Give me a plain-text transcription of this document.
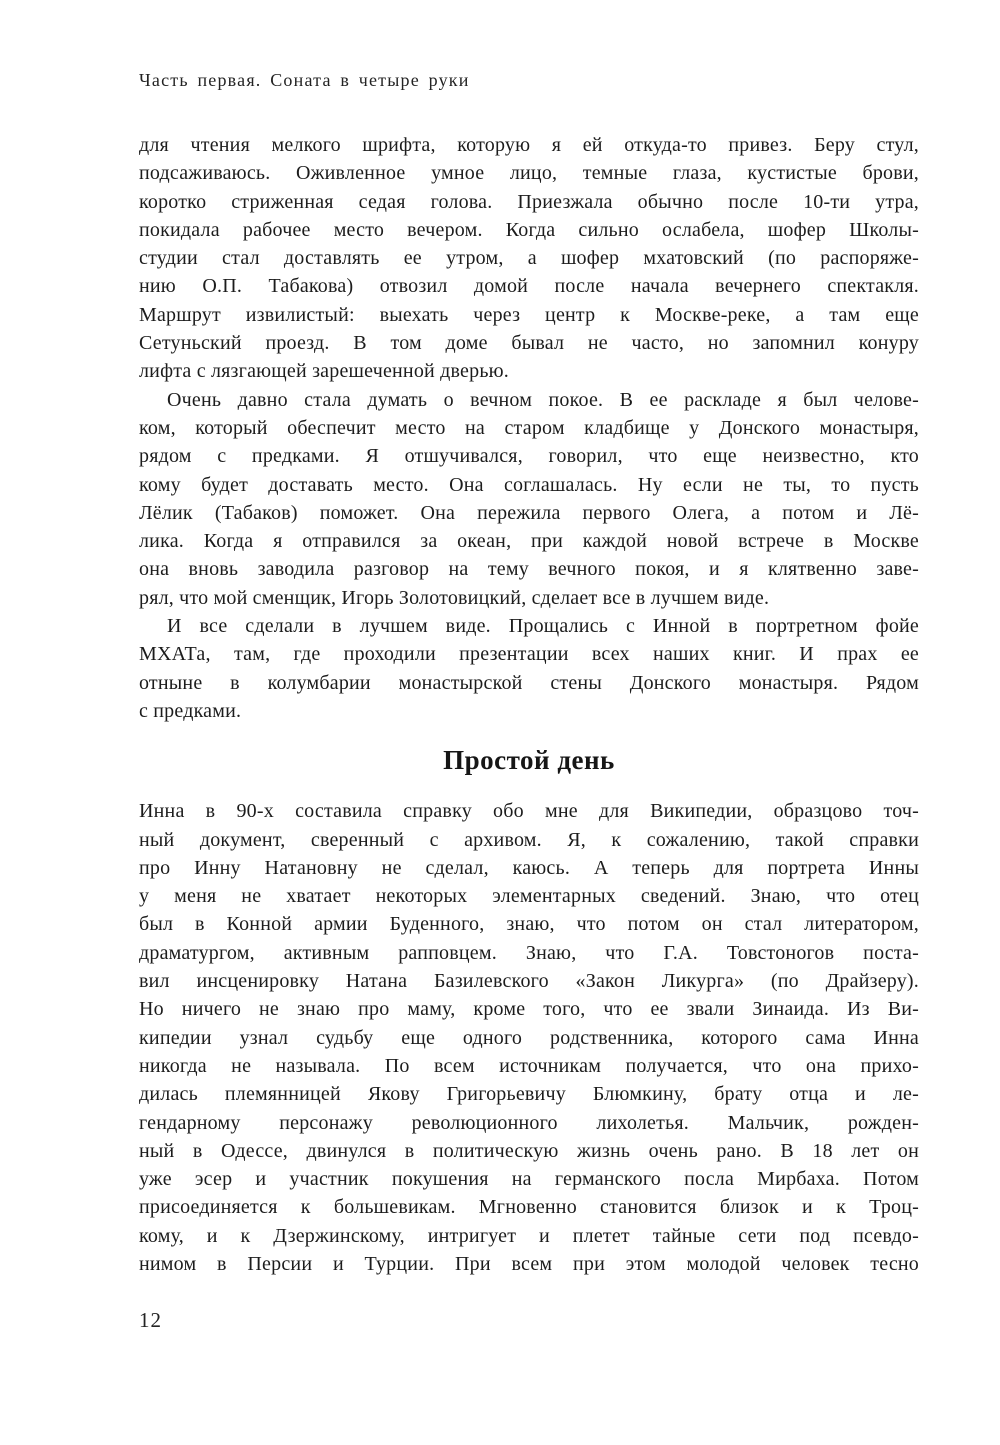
Часть первая. Соната в четыре руки
для чтения мелкого шрифта, которую я ей откуда-то привез. Беру стул,
подсаживаюсь. Оживленное умное лицо, темные глаза, кустистые брови,
коротко стриженная седая голова. Приезжала обычно после 10-ти утра,
покидала рабочее место вечером. Когда сильно ослабела, шофер Школы-
студии стал доставлять ее утром, а шофер мхатовский (по распоряже-
нию О.П. Табакова) отвозил домой после начала вечернего спектакля.
Маршрут извилистый: выехать через центр к Москве-реке, а там еще
Сетуньский проезд. В том доме бывал не часто, но запомнил конуру
лифта с лязгающей зарешеченной дверью.
Очень давно стала думать о вечном покое. В ее раскладе я был челове-
ком, который обеспечит место на старом кладбище у Донского монастыря,
рядом с предками. Я отшучивался, говорил, что еще неизвестно, кто
кому будет доставать место. Она соглашалась. Ну если не ты, то пусть
Лёлик (Табаков) поможет. Она пережила первого Олега, а потом и Лё-
лика. Когда я отправился за океан, при каждой новой встрече в Москве
она вновь заводила разговор на тему вечного покоя, и я клятвенно заве-
рял, что мой сменщик, Игорь Золотовицкий, сделает все в лучшем виде.
И все сделали в лучшем виде. Прощались с Инной в портретном фойе
МХАТа, там, где проходили презентации всех наших книг. И прах ее
отныне в колумбарии монастырской стены Донского монастыря. Рядом
с предками.
Простой день
Инна в 90-х составила справку обо мне для Википедии, образцово точ-
ный документ, сверенный с архивом. Я, к сожалению, такой справки
про Инну Натановну не сделал, каюсь. А теперь для портрета Инны
у меня не хватает некоторых элементарных сведений. Знаю, что отец
был в Конной армии Буденного, знаю, что потом он стал литератором,
драматургом, активным рапповцем. Знаю, что Г.А. Товстоногов поста-
вил инсценировку Натана Базилевского «Закон Ликурга» (по Драйзеру).
Но ничего не знаю про маму, кроме того, что ее звали Зинаида. Из Ви-
кипедии узнал судьбу еще одного родственника, которого сама Инна
никогда не называла. По всем источникам получается, что она прихо-
дилась племянницей Якову Григорьевичу Блюмкину, брату отца и ле-
гендарному персонажу революционного лихолетья. Мальчик, рожден-
ный в Одессе, двинулся в политическую жизнь очень рано. В 18 лет он
уже эсер и участник покушения на германского посла Мирбаха. Потом
присоединяется к большевикам. Мгновенно становится близок и к Троц-
кому, и к Дзержинскому, интригует и плетет тайные сети под псевдо-
нимом в Персии и Турции. При всем при этом молодой человек тесно
12
